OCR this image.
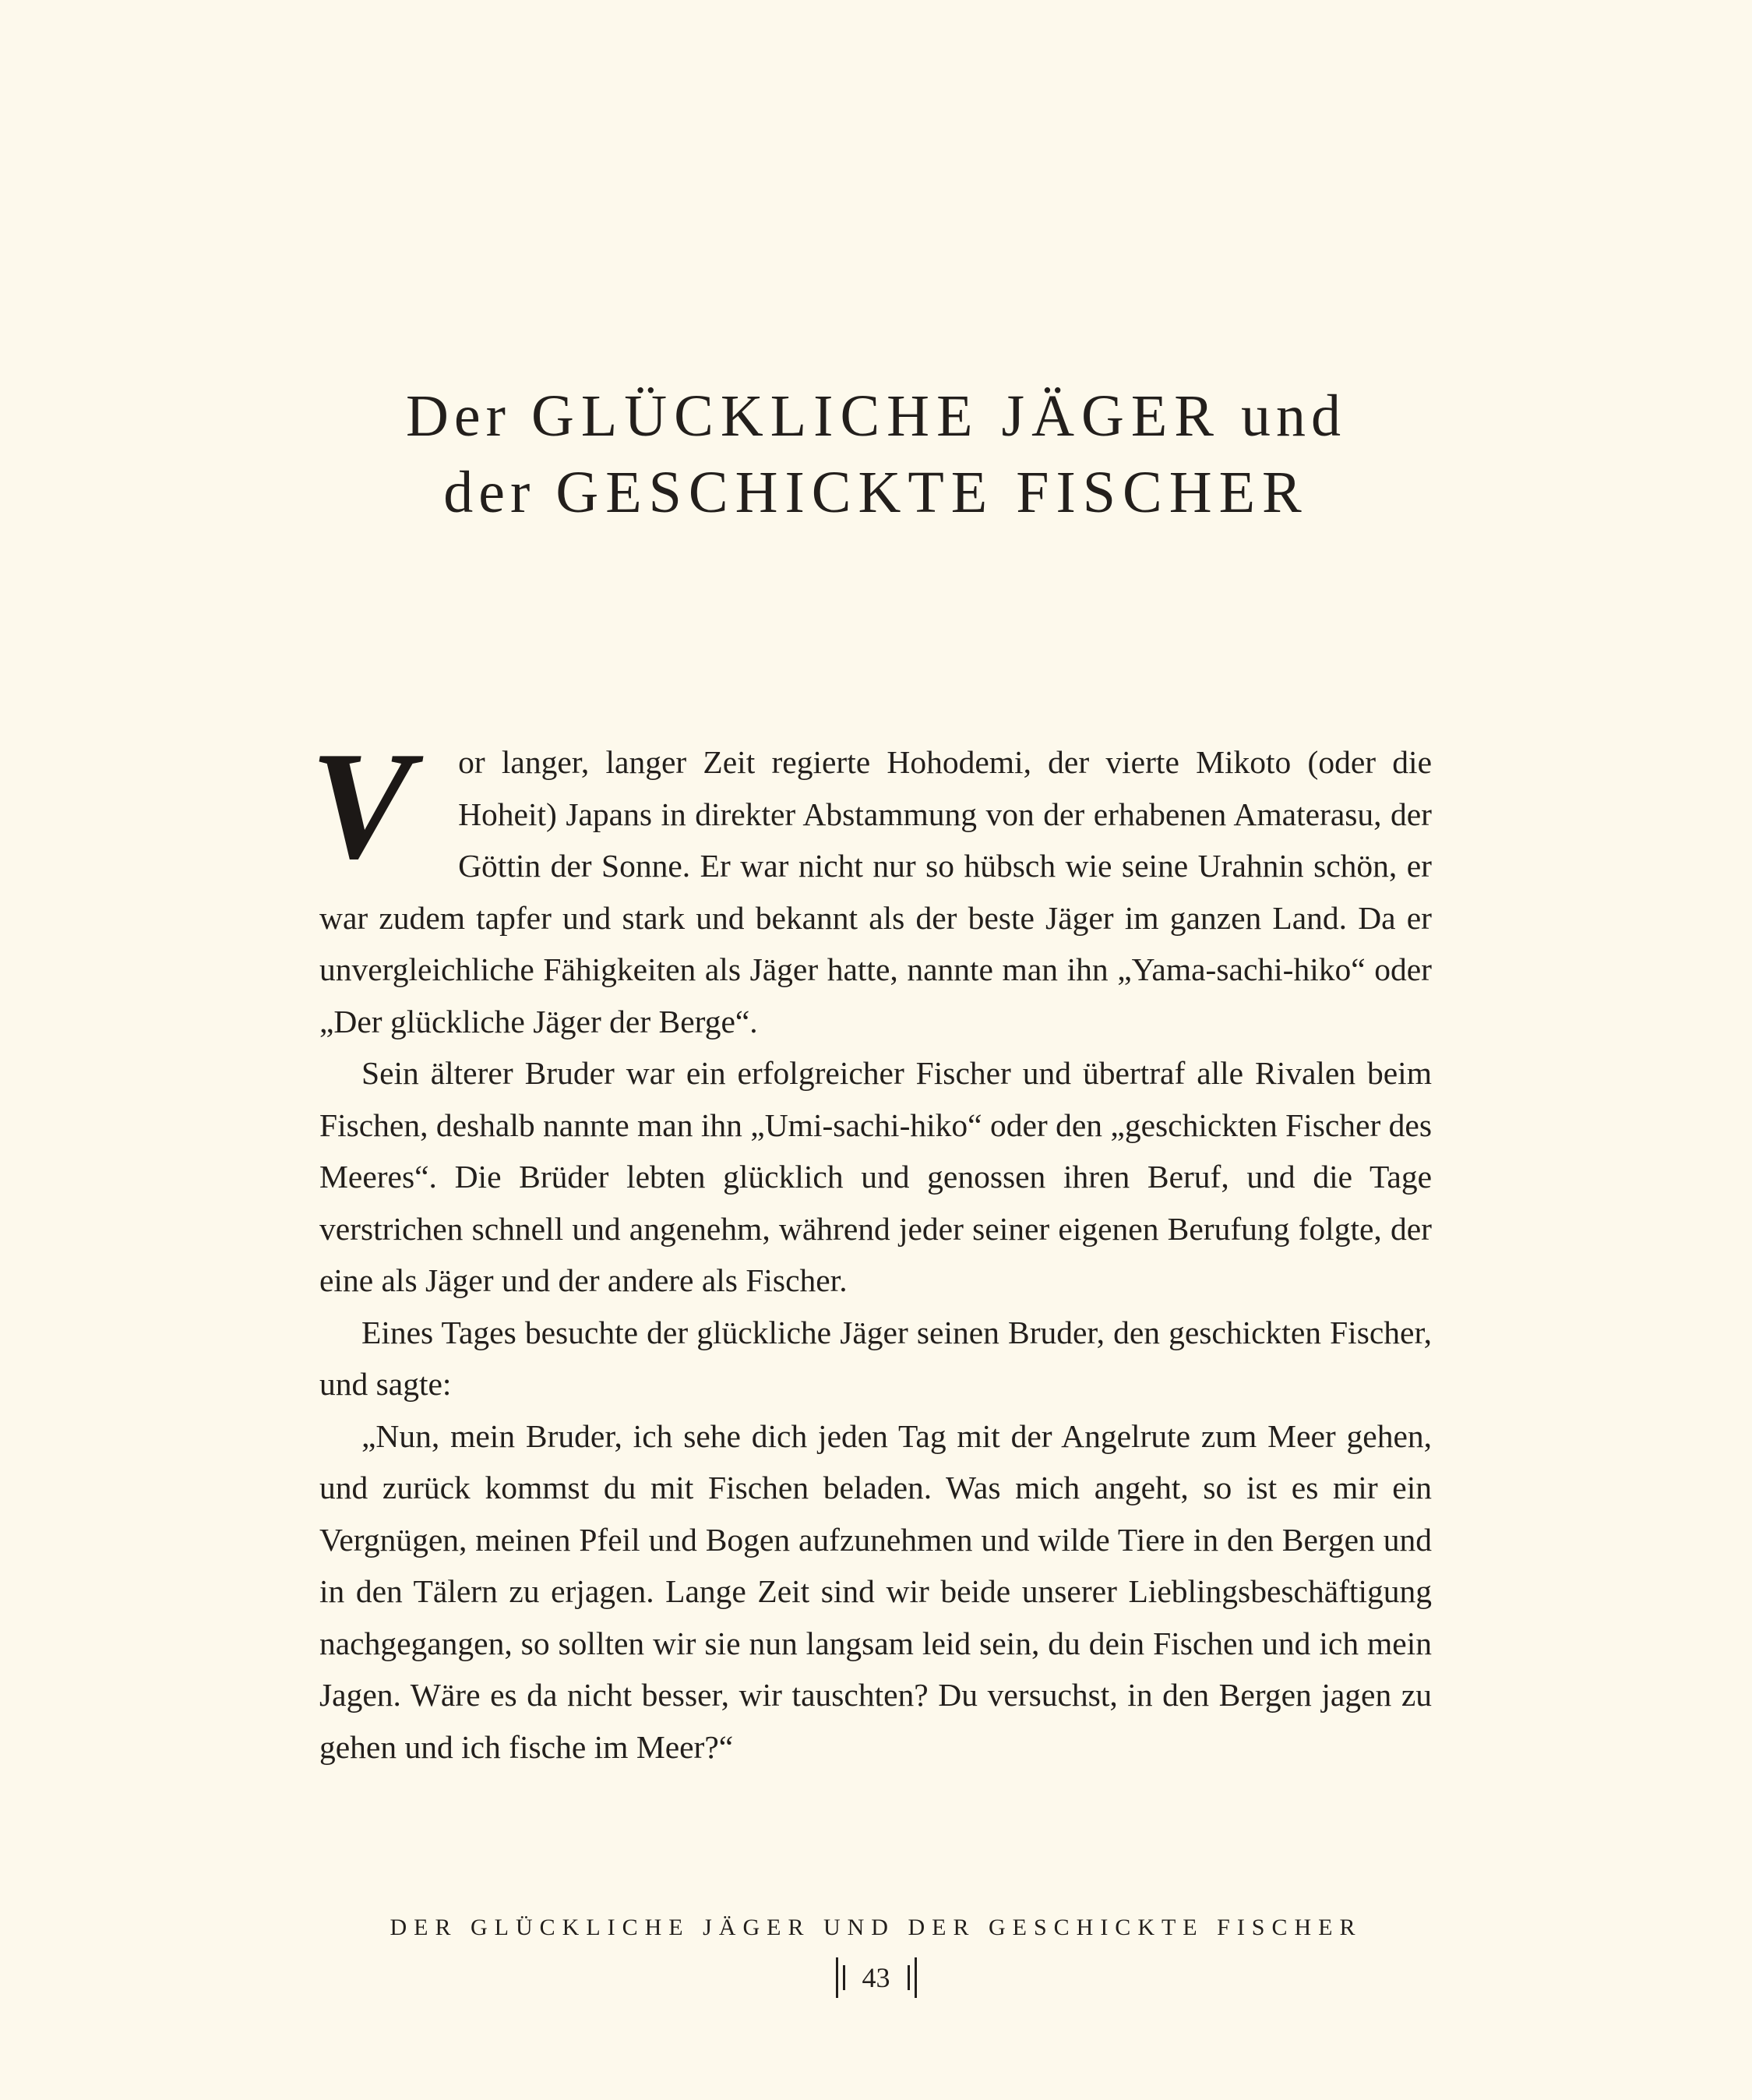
Der GLÜCKLICHE JÄGER und
der GESCHICKTE FISCHER
V or langer, langer Zeit regierte Hohodemi, der vierte Mikoto (oder die Hoheit) Japans in direkter Abstammung von der erhabenen Amaterasu, der Göttin der Sonne. Er war nicht nur so hübsch wie seine Urahnin schön, er war zudem tapfer und stark und bekannt als der beste Jäger im ganzen Land. Da er unvergleichliche Fähigkeiten als Jäger hatte, nannte man ihn „Yama-sachi-hiko“ oder „Der glückliche Jäger der Berge“.

Sein älterer Bruder war ein erfolgreicher Fischer und übertraf alle Rivalen beim Fischen, deshalb nannte man ihn „Umi-sachi-hiko“ oder den „geschickten Fischer des Meeres“. Die Brüder lebten glücklich und genossen ihren Beruf, und die Tage verstrichen schnell und angenehm, während jeder seiner eigenen Berufung folgte, der eine als Jäger und der andere als Fischer.

Eines Tages besuchte der glückliche Jäger seinen Bruder, den geschickten Fischer, und sagte:

„Nun, mein Bruder, ich sehe dich jeden Tag mit der Angelrute zum Meer gehen, und zurück kommst du mit Fischen beladen. Was mich angeht, so ist es mir ein Vergnügen, meinen Pfeil und Bogen aufzunehmen und wilde Tiere in den Bergen und in den Tälern zu erjagen. Lange Zeit sind wir beide unserer Lieblingsbeschäftigung nachgegangen, so sollten wir sie nun langsam leid sein, du dein Fischen und ich mein Jagen. Wäre es da nicht besser, wir tauschten? Du versuchst, in den Bergen jagen zu gehen und ich fische im Meer?“

DER GLÜCKLICHE JÄGER UND DER GESCHICKTE FISCHER
43
